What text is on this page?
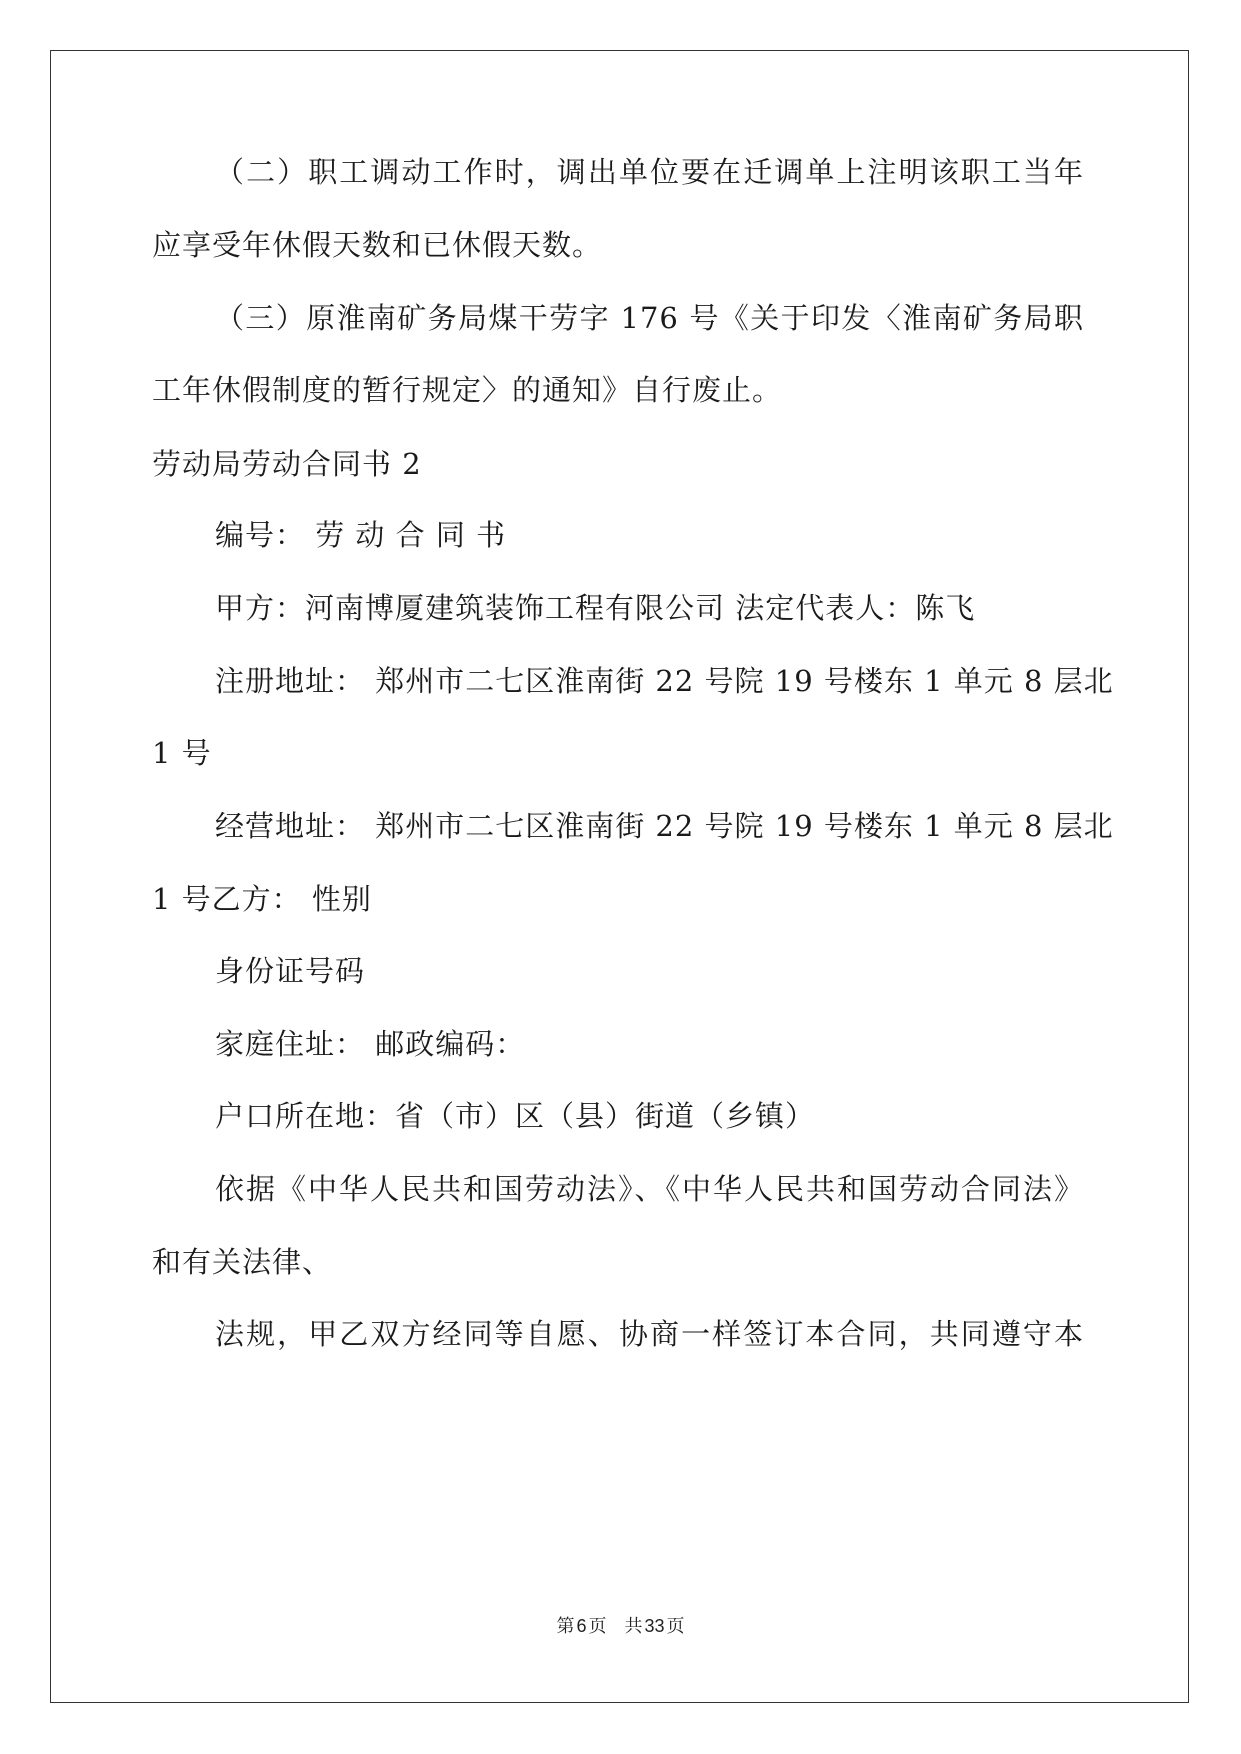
（二）职工调动工作时，调出单位要在迁调单上注明该职工当年
应享受年休假天数和已休假天数。
（三）原淮南矿务局煤干劳字 176 号《关于印发〈淮南矿务局职
工年休假制度的暂行规定〉的通知》自行废止。
劳动局劳动合同书 2
编号： 劳 动 合 同 书
甲方：河南博厦建筑装饰工程有限公司 法定代表人：陈飞
注册地址： 郑州市二七区淮南街 22 号院 19 号楼东 1 单元 8 层北
1 号
经营地址： 郑州市二七区淮南街 22 号院 19 号楼东 1 单元 8 层北
1 号乙方： 性别
身份证号码
家庭住址： 邮政编码：
户口所在地：省（市）区（县）街道（乡镇）
依据《中华人民共和国劳动法》、《中华人民共和国劳动合同法》
和有关法律、
法规，甲乙双方经同等自愿、协商一样签订本合同，共同遵守本
第 6 页 共 33 页
